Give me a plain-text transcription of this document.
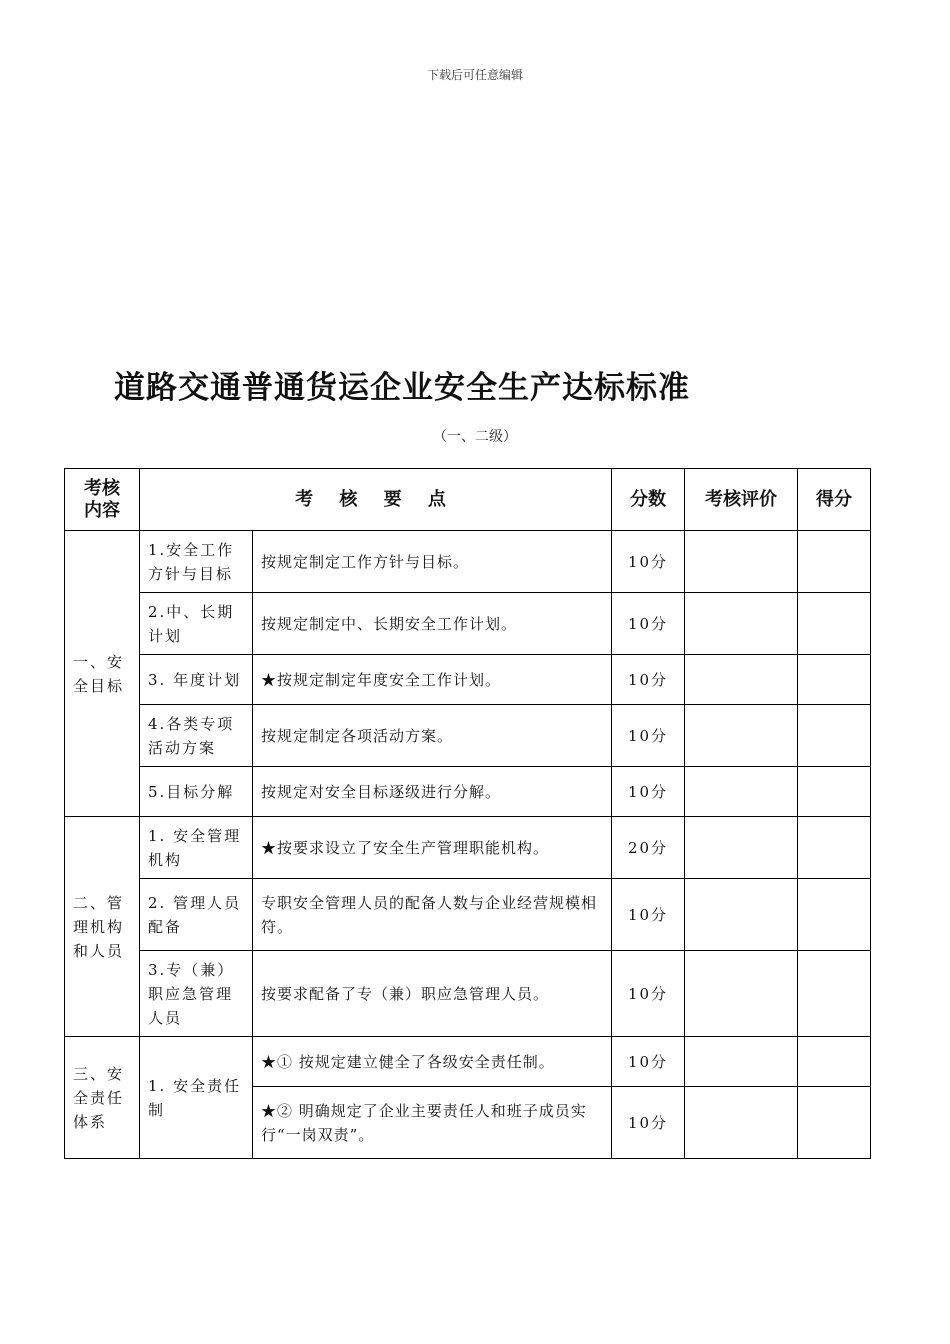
下载后可任意编辑
道路交通普通货运企业安全生产达标标准
（一、二级）
考核
内容	考 核 要 点		分数	考核评价	得分
一、安全目标	1.安全工作方针与目标	按规定制定工作方针与目标。	10分		
	2.中、长期计划	按规定制定中、长期安全工作计划。	10分		
	3. 年度计划	★按规定制定年度安全工作计划。	10分		
	4.各类专项活动方案	按规定制定各项活动方案。	10分		
	5.目标分解	按规定对安全目标逐级进行分解。	10分		
二、管理机构和人员	1. 安全管理机构	★按要求设立了安全生产管理职能机构。	20分		
	2. 管理人员配备	专职安全管理人员的配备人数与企业经营规模相符。	10分		
	3.专（兼）职应急管理人员	按要求配备了专（兼）职应急管理人员。	10分		
三、安全责任体系	1. 安全责任制	★① 按规定建立健全了各级安全责任制。	10分		
		★② 明确规定了企业主要责任人和班子成员实行“一岗双责”。	10分		
